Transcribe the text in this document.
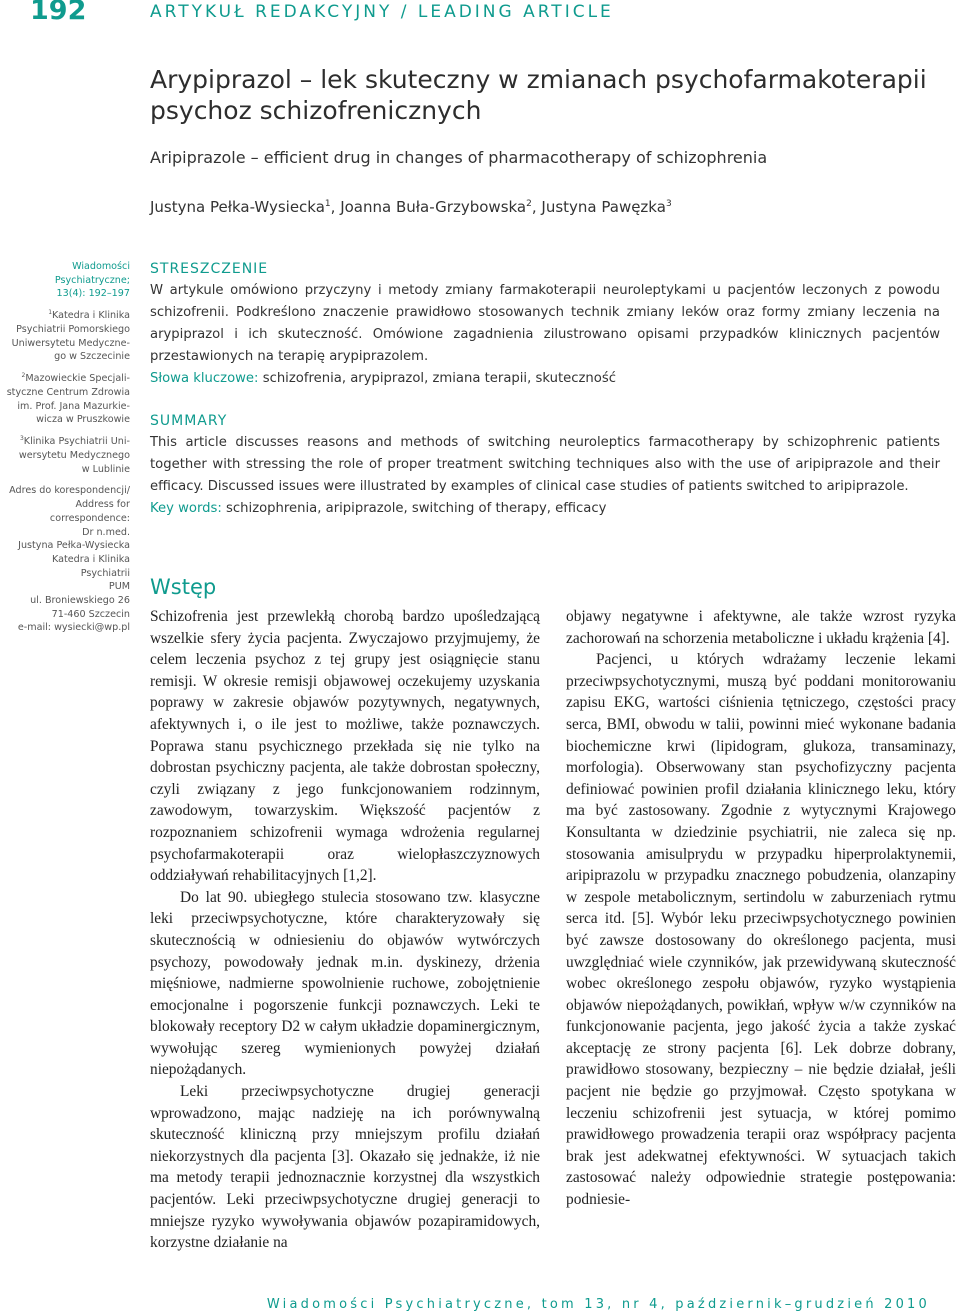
192	ARTYKUŁ REDAKCYJNY / LEADING ARTICLE
Arypiprazol – lek skuteczny w zmianach psychofarmakoterapii psychoz schizofrenicznych
Aripiprazole – efficient drug in changes of pharmacotherapy of schizophrenia
Justyna Pełka-Wysiecka$^1$, Joanna Buła-Grzybowska$^2$, Justyna Pawęzka$^3$
Wiadomości
Psychiatryczne;
13(4): 192–197
$^1$Katedra i Klinika
Psychiatrii Pomorskiego
Uniwersytetu Medyczne-
go w Szczecinie
$^2$Mazowieckie Specjali-
styczne Centrum Zdrowia
im. Prof. Jana Mazurkie-
wicza w Pruszkowie
$^3$Klinika Psychiatrii Uni-
wersytetu Medycznego
w Lublinie
Adres do korespondencji/
Address for
correspondence:
Dr n.med.
Justyna Pełka-Wysiecka
Katedra i Klinika Psychiatrii
PUM
ul. Broniewskiego 26
71-460 Szczecin
e-mail: wysiecki@wp.pl
STRESZCZENIE

W artykule omówiono przyczyny i metody zmiany farmakoterapii neuroleptykami u pacjentów leczonych z powodu schizofrenii. Podkreślono znaczenie prawidłowo stosowanych technik zmiany leków oraz formy zmiany leczenia na arypiprazol i ich skuteczność. Omówione zagadnienia zilustrowano opisami przypadków klinicznych pacjentów przestawionych na terapię arypiprazolem.

Słowa kluczowe: schizofrenia, arypiprazol, zmiana terapii, skuteczność

SUMMARY

This article discusses reasons and methods of switching neuroleptics farmacotherapy by schizophrenic patients together with stressing the role of proper treatment switching techniques also with the use of aripiprazole and their efficacy. Discussed issues were illustrated by examples of clinical case studies of patients switched to aripiprazole.

Key words: schizophrenia, aripiprazole, switching of therapy, efficacy

Wstęp

Schizofrenia jest przewlekłą chorobą bardzo upośledzającą wszelkie sfery życia pacjenta. Zwyczajowo przyjmujemy, że celem leczenia psychoz z tej grupy jest osiągnięcie stanu remisji. W okresie remisji objawowej oczekujemy uzyskania poprawy w zakresie objawów pozytywnych, negatywnych, afektywnych i, o ile jest to możliwe, także poznawczych. Poprawa stanu psychicznego przekłada się nie tylko na dobrostan psychiczny pacjenta, ale także dobrostan społeczny, czyli związany z jego funkcjonowaniem rodzinnym, zawodowym, towarzyskim. Większość pacjentów z rozpoznaniem schizofrenii wymaga wdrożenia regularnej psychofarmakoterapii oraz wielopłaszczyznowych oddziaływań rehabilitacyjnych [1,2].

Do lat 90. ubiegłego stulecia stosowano tzw. klasyczne leki przeciwpsychotyczne, które charakteryzowały się skutecznością w odniesieniu do objawów wytwórczych psychozy, powodowały jednak m.in. dyskinezy, drżenia mięśniowe, nadmierne spowolnienie ruchowe, zobojętnienie emocjonalne i pogorszenie funkcji poznawczych. Leki te blokowały receptory D2 w całym układzie dopaminergicznym, wywołując szereg wymienionych powyżej działań niepożądanych.

Leki przeciwpsychotyczne drugiej generacji wprowadzono, mając nadzieję na ich porównywalną skuteczność kliniczną przy mniejszym profilu działań niekorzystnych dla pacjenta [3]. Okazało się jednakże, iż nie ma metody terapii jednoznacznie korzystnej dla wszystkich pacjentów. Leki przeciwpsychotyczne drugiej generacji to mniejsze ryzyko wywoływania objawów pozapiramidowych, korzystne działanie na

objawy negatywne i afektywne, ale także wzrost ryzyka zachorowań na schorzenia metaboliczne i układu krążenia [4].

Pacjenci, u których wdrażamy leczenie lekami przeciwpsychotycznymi, muszą być poddani monitorowaniu zapisu EKG, wartości ciśnienia tętniczego, częstości pracy serca, BMI, obwodu w talii, powinni mieć wykonane badania biochemiczne krwi (lipidogram, glukoza, transaminazy, morfologia). Obserwowany stan psychofizyczny pacjenta definiować powinien profil działania klinicznego leku, który ma być zastosowany. Zgodnie z wytycznymi Krajowego Konsultanta w dziedzinie psychiatrii, nie zaleca się np. stosowania amisulprydu w przypadku hiperprolaktynemii, aripiprazolu w przypadku znacznego pobudzenia, olanzapiny w zespole metabolicznym, sertindolu w zaburzeniach rytmu serca itd. [5]. Wybór leku przeciwpsychotycznego powinien być zawsze dostosowany do określonego pacjenta, musi uwzględniać wiele czynników, jak przewidywaną skuteczność wobec określonego zespołu objawów, ryzyko wystąpienia objawów niepożądanych, powikłań, wpływ w/w czynników na funkcjonowanie pacjenta, jego jakość życia a także zyskać akceptację ze strony pacjenta [6]. Lek dobrze dobrany, prawidłowo stosowany, bezpieczny – nie będzie działał, jeśli pacjent nie będzie go przyjmował. Często spotykana w leczeniu schizofrenii jest sytuacja, w której pomimo prawidłowego prowadzenia terapii oraz współpracy pacjenta brak jest adekwatnej efektywności. W sytuacjach takich zastosować należy odpowiednie strategie postępowania: podniesie-

Wiadomości Psychiatryczne, tom 13, nr 4, październik–grudzień 2010
